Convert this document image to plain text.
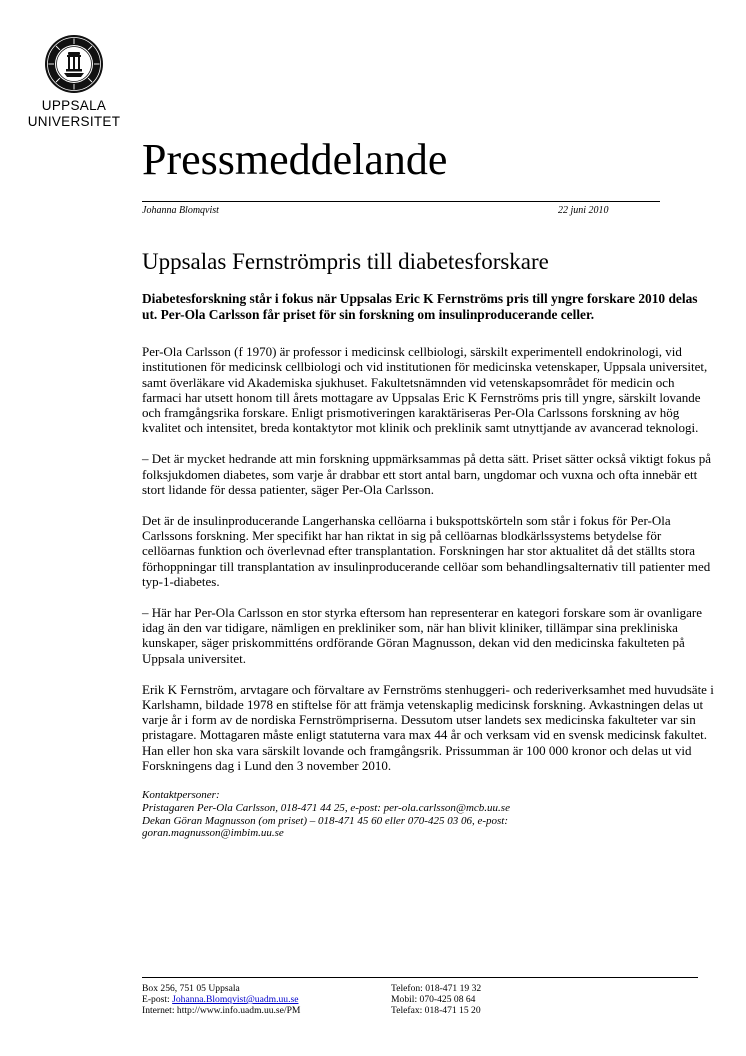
UPPSALA
UNIVERSITET
Pressmeddelande
Johanna Blomqvist	22 juni 2010
Uppsalas Fernströmpris till diabetesforskare

Diabetesforskning står i fokus när Uppsalas Eric K Fernströms pris till yngre forskare 2010 delas ut. Per-Ola Carlsson får priset för sin forskning om insulinproducerande celler.

Per-Ola Carlsson (f 1970) är professor i medicinsk cellbiologi, särskilt experimentell endokrinologi, vid institutionen för medicinsk cellbiologi och vid institutionen för medicinska vetenskaper, Uppsala universitet, samt överläkare vid Akademiska sjukhuset. Fakultetsnämnden vid vetenskapsområdet för medicin och farmaci har utsett honom till årets mottagare av Uppsalas Eric K Fernströms pris till yngre, särskilt lovande och framgångsrika forskare. Enligt prismotiveringen karaktäriseras Per-Ola Carlssons forskning av hög kvalitet och intensitet, breda kontaktytor mot klinik och preklinik samt utnyttjande av avancerad teknologi.

– Det är mycket hedrande att min forskning uppmärksammas på detta sätt. Priset sätter också viktigt fokus på folksjukdomen diabetes, som varje år drabbar ett stort antal barn, ungdomar och vuxna och ofta innebär ett stort lidande för dessa patienter, säger Per-Ola Carlsson.

Det är de insulinproducerande Langerhanska cellöarna i bukspottskörteln som står i fokus för Per-Ola Carlssons forskning. Mer specifikt har han riktat in sig på cellöarnas blodkärlssystems betydelse för cellöarnas funktion och överlevnad efter transplantation. Forskningen har stor aktualitet då det ställts stora förhoppningar till transplantation av insulinproducerande cellöar som behandlingsalternativ till patienter med typ-1-diabetes.

– Här har Per-Ola Carlsson en stor styrka eftersom han representerar en kategori forskare som är ovanligare idag än den var tidigare, nämligen en prekliniker som, när han blivit kliniker, tillämpar sina prekliniska kunskaper, säger priskommitténs ordförande Göran Magnusson, dekan vid den medicinska fakulteten på Uppsala universitet.

Erik K Fernström, arvtagare och förvaltare av Fernströms stenhuggeri- och rederiverksamhet med huvudsäte i Karlshamn, bildade 1978 en stiftelse för att främja vetenskaplig medicinsk forskning. Avkastningen delas ut varje år i form av de nordiska Fernströmpriserna. Dessutom utser landets sex medicinska fakulteter var sin pristagare. Mottagaren måste enligt statuterna vara max 44 år och verksam vid en svensk medicinsk fakultet. Han eller hon ska vara särskilt lovande och framgångsrik. Prissumman är 100 000 kronor och delas ut vid Forskningens dag i Lund den 3 november 2010.

Kontaktpersoner:
Pristagaren Per-Ola Carlsson, 018-471 44 25, e-post: per-ola.carlsson@mcb.uu.se
Dekan Göran Magnusson (om priset) – 018-471 45 60 eller 070-425 03 06, e-post:
goran.magnusson@imbim.uu.se
Box 256, 751 05 Uppsala
E-post: Johanna.Blomqvist@uadm.uu.se
Internet: http://www.info.uadm.uu.se/PM
Telefon: 018-471 19 32
Mobil: 070-425 08 64
Telefax: 018-471 15 20
